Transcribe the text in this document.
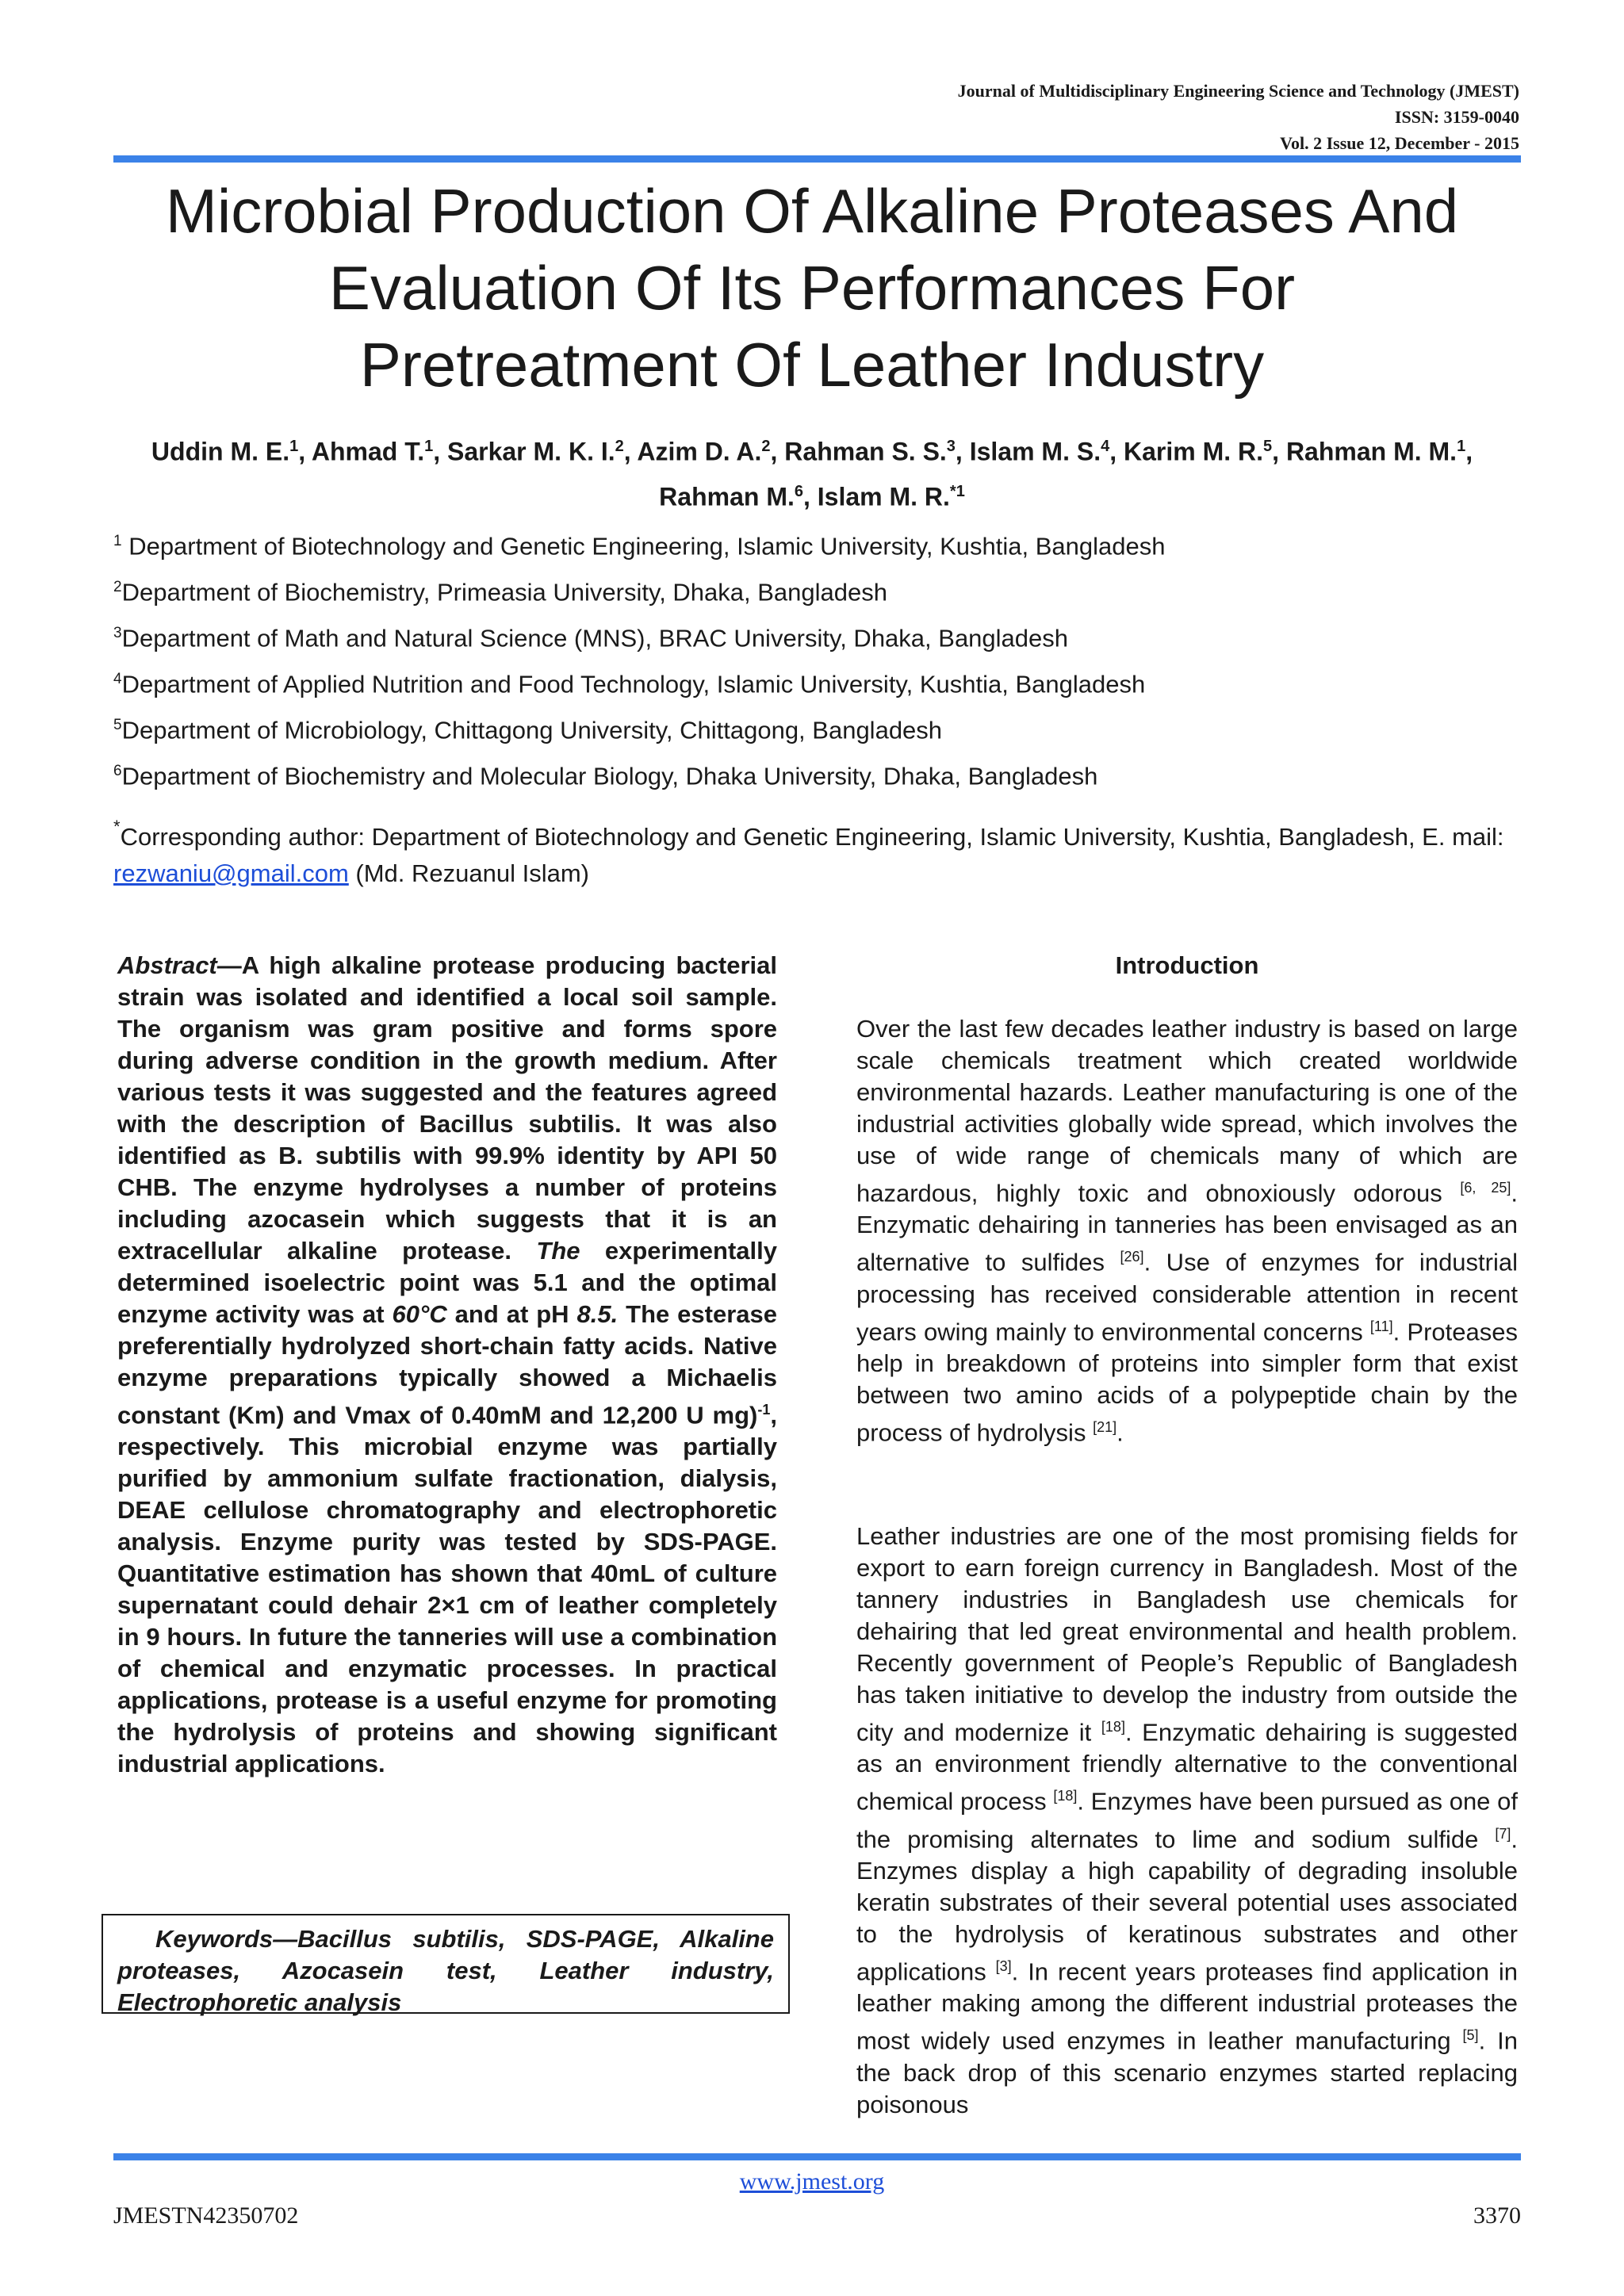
Journal of Multidisciplinary Engineering Science and Technology (JMEST)
ISSN: 3159-0040
Vol. 2 Issue 12, December - 2015
Microbial Production Of Alkaline Proteases And
Evaluation Of Its Performances For
Pretreatment Of Leather Industry
Uddin M. E.$^1$, Ahmad T.$^1$, Sarkar M. K. I.$^2$, Azim D. A.$^2$, Rahman S. S.$^3$, Islam M. S.$^4$, Karim M. R.$^5$, Rahman M. M.$^1$, Rahman M.$^6$, Islam M. R.$^{*1}$
$^1$ Department of Biotechnology and Genetic Engineering, Islamic University, Kushtia, Bangladesh
$^2$Department of Biochemistry, Primeasia University, Dhaka, Bangladesh
$^3$Department of Math and Natural Science (MNS), BRAC University, Dhaka, Bangladesh
$^4$Department of Applied Nutrition and Food Technology, Islamic University, Kushtia, Bangladesh
$^5$Department of Microbiology, Chittagong University, Chittagong, Bangladesh
$^6$Department of Biochemistry and Molecular Biology, Dhaka University, Dhaka, Bangladesh
*Corresponding author: Department of Biotechnology and Genetic Engineering, Islamic University, Kushtia, Bangladesh, E. mail: rezwaniu@gmail.com (Md. Rezuanul Islam)
Abstract—A high alkaline protease producing bacterial strain was isolated and identified a local soil sample. The organism was gram positive and forms spore during adverse condition in the growth medium. After various tests it was suggested and the features agreed with the description of Bacillus subtilis. It was also identified as B. subtilis with 99.9% identity by API 50 CHB. The enzyme hydrolyses a number of proteins including azocasein which suggests that it is an extracellular alkaline protease. The experimentally determined isoelectric point was 5.1 and the optimal enzyme activity was at 60°C and at pH 8.5. The esterase preferentially hydrolyzed short-chain fatty acids. Native enzyme preparations typically showed a Michaelis constant (Km) and Vmax of 0.40mM and 12,200 U mg)$^{-1}$, respectively. This microbial enzyme was partially purified by ammonium sulfate fractionation, dialysis, DEAE cellulose chromatography and electrophoretic analysis. Enzyme purity was tested by SDS-PAGE. Quantitative estimation has shown that 40mL of culture supernatant could dehair 2×1 cm of leather completely in 9 hours. In future the tanneries will use a combination of chemical and enzymatic processes. In practical applications, protease is a useful enzyme for promoting the hydrolysis of proteins and showing significant industrial applications.
Keywords—Bacillus subtilis, SDS-PAGE, Alkaline proteases, Azocasein test, Leather industry, Electrophoretic analysis
Introduction
Over the last few decades leather industry is based on large scale chemicals treatment which created worldwide environmental hazards. Leather manufacturing is one of the industrial activities globally wide spread, which involves the use of wide range of chemicals many of which are hazardous, highly toxic and obnoxiously odorous [6, 25]. Enzymatic dehairing in tanneries has been envisaged as an alternative to sulfides [26]. Use of enzymes for industrial processing has received considerable attention in recent years owing mainly to environmental concerns [11]. Proteases help in breakdown of proteins into simpler form that exist between two amino acids of a polypeptide chain by the process of hydrolysis [21].
Leather industries are one of the most promising fields for export to earn foreign currency in Bangladesh. Most of the tannery industries in Bangladesh use chemicals for dehairing that led great environmental and health problem. Recently government of People’s Republic of Bangladesh has taken initiative to develop the industry from outside the city and modernize it [18]. Enzymatic dehairing is suggested as an environment friendly alternative to the conventional chemical process [18]. Enzymes have been pursued as one of the promising alternates to lime and sodium sulfide [7]. Enzymes display a high capability of degrading insoluble keratin substrates of their several potential uses associated to the hydrolysis of keratinous substrates and other applications [3]. In recent years proteases find application in leather making among the different industrial proteases the most widely used enzymes in leather manufacturing [5]. In the back drop of this scenario enzymes started replacing poisonous
www.jmest.org
JMESTN42350702	3370
